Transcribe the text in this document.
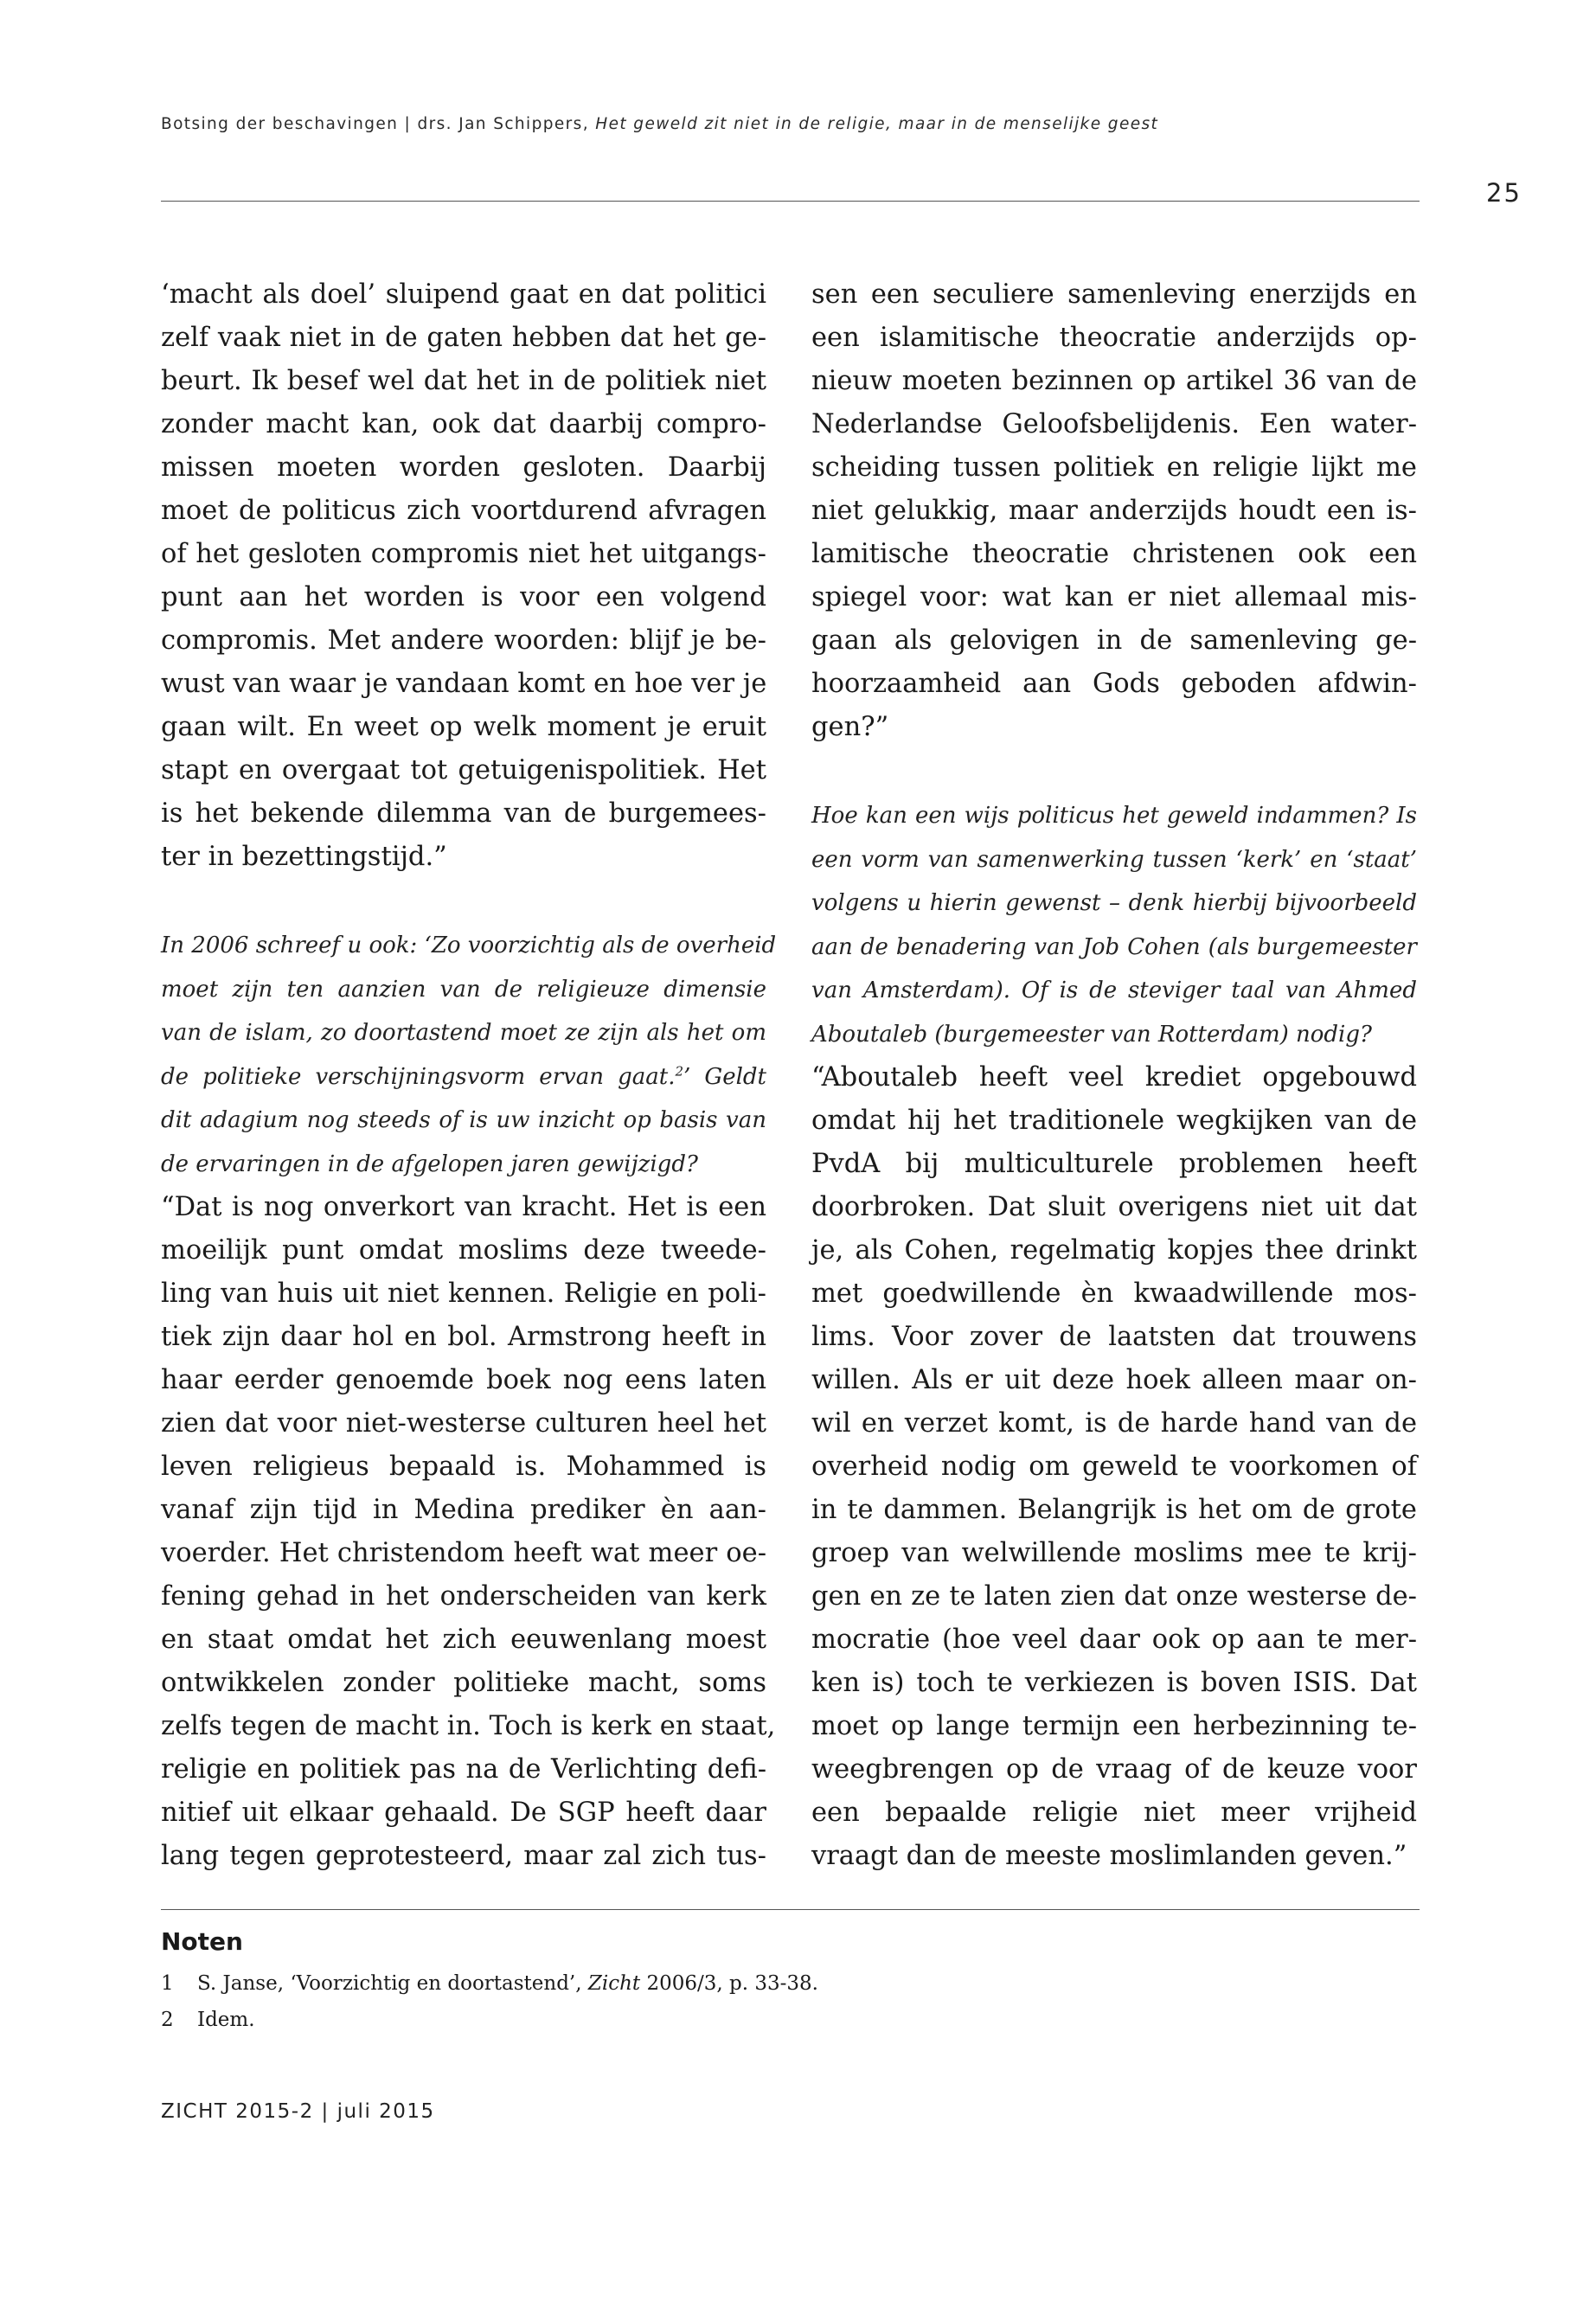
Botsing der beschavingen | drs. Jan Schippers, Het geweld zit niet in de religie, maar in de menselijke geest
25
‘macht als doel’ sluipend gaat en dat politici
zelf vaak niet in de gaten hebben dat het ge-
beurt. Ik besef wel dat het in de politiek niet
zonder macht kan, ook dat daarbij compro-
missen moeten worden gesloten. Daarbij
moet de politicus zich voortdurend afvragen
of het gesloten compromis niet het uitgangs-
punt aan het worden is voor een volgend
compromis. Met andere woorden: blijf je be-
wust van waar je vandaan komt en hoe ver je
gaan wilt. En weet op welk moment je eruit
stapt en overgaat tot getuigenispolitiek. Het
is het bekende dilemma van de burgemees-
ter in bezettingstijd.”
In 2006 schreef u ook: ‘Zo voorzichtig als de overheid
moet zijn ten aanzien van de religieuze dimensie
van de islam, zo doortastend moet ze zijn als het om
de politieke verschijningsvorm ervan gaat.$^2$’ Geldt
dit adagium nog steeds of is uw inzicht op basis van
de ervaringen in de afgelopen jaren gewijzigd?
“Dat is nog onverkort van kracht. Het is een
moeilijk punt omdat moslims deze tweede-
ling van huis uit niet kennen. Religie en poli-
tiek zijn daar hol en bol. Armstrong heeft in
haar eerder genoemde boek nog eens laten
zien dat voor niet-westerse culturen heel het
leven religieus bepaald is. Mohammed is
vanaf zijn tijd in Medina prediker èn aan-
voerder. Het christendom heeft wat meer oe-
fening gehad in het onderscheiden van kerk
en staat omdat het zich eeuwenlang moest
ontwikkelen zonder politieke macht, soms
zelfs tegen de macht in. Toch is kerk en staat,
religie en politiek pas na de Verlichting defi-
nitief uit elkaar gehaald. De SGP heeft daar
lang tegen geprotesteerd, maar zal zich tus-
sen een seculiere samenleving enerzijds en
een islamitische theocratie anderzijds op-
nieuw moeten bezinnen op artikel 36 van de
Nederlandse Geloofsbelijdenis. Een water-
scheiding tussen politiek en religie lijkt me
niet gelukkig, maar anderzijds houdt een is-
lamitische theocratie christenen ook een
spiegel voor: wat kan er niet allemaal mis-
gaan als gelovigen in de samenleving ge-
hoorzaamheid aan Gods geboden afdwin-
gen?”
Hoe kan een wijs politicus het geweld indammen? Is
een vorm van samenwerking tussen ‘kerk’ en ‘staat’
volgens u hierin gewenst – denk hierbij bijvoorbeeld
aan de benadering van Job Cohen (als burgemeester
van Amsterdam). Of is de steviger taal van Ahmed
Aboutaleb (burgemeester van Rotterdam) nodig?
“Aboutaleb heeft veel krediet opgebouwd
omdat hij het traditionele wegkijken van de
PvdA bij multiculturele problemen heeft
doorbroken. Dat sluit overigens niet uit dat
je, als Cohen, regelmatig kopjes thee drinkt
met goedwillende èn kwaadwillende mos-
lims. Voor zover de laatsten dat trouwens
willen. Als er uit deze hoek alleen maar on-
wil en verzet komt, is de harde hand van de
overheid nodig om geweld te voorkomen of
in te dammen. Belangrijk is het om de grote
groep van welwillende moslims mee te krij-
gen en ze te laten zien dat onze westerse de-
mocratie (hoe veel daar ook op aan te mer-
ken is) toch te verkiezen is boven ISIS. Dat
moet op lange termijn een herbezinning te-
weegbrengen op de vraag of de keuze voor
een bepaalde religie niet meer vrijheid
vraagt dan de meeste moslimlanden geven.”
Noten
1 S. Janse, ‘Voorzichtig en doortastend’, Zicht 2006/3, p. 33-38.
2 Idem.
ZICHT 2015-2 | juli 2015
